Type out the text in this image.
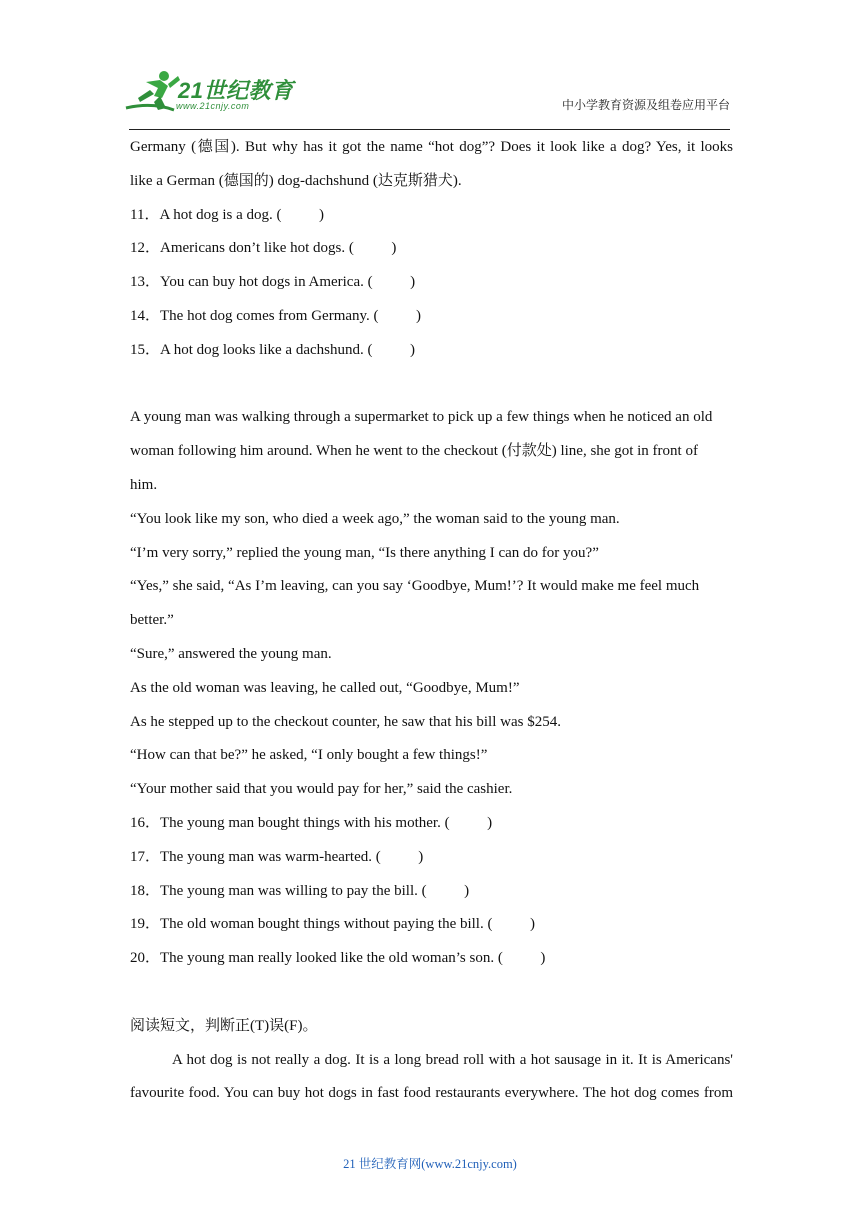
21世纪教育
www.21cnjy.com	中小学教育资源及组卷应用平台

Germany (德国). But why has it got the name “hot dog”? Does it look like a dog? Yes, it looks

like a German (德国的) dog-dachshund (达克斯猎犬).

11．A hot dog is a dog. (          )

12．Americans don’t like hot dogs. (          )

13．You can buy hot dogs in America. (          )

14．The hot dog comes from Germany. (          )

15．A hot dog looks like a dachshund. (          )

A young man was walking through a supermarket to pick up a few things when he noticed an old

woman following him around. When he went to the checkout (付款处) line, she got in front of

him.

“You look like my son, who died a week ago,” the woman said to the young man.

“I’m very sorry,” replied the young man, “Is there anything I can do for you?”

“Yes,” she said, “As I’m leaving, can you say ‘Goodbye, Mum!’? It would make me feel much

better.”

“Sure,” answered the young man.

As the old woman was leaving, he called out, “Goodbye, Mum!”

As he stepped up to the checkout counter, he saw that his bill was $254.

“How can that be?” he asked, “I only bought a few things!”

“Your mother said that you would pay for her,” said the cashier.

16．The young man bought things with his mother. (          )

17．The young man was warm-hearted. (          )

18．The young man was willing to pay the bill. (          )

19．The old woman bought things without paying the bill. (          )

20．The young man really looked like the old woman’s son. (          )

阅读短文，判断正(T)误(F)。

A hot dog is not really a dog. It is a long bread roll with a hot sausage in it. It is Americans'

favourite food. You can buy hot dogs in fast food restaurants everywhere. The hot dog comes from

21 世纪教育网(www.21cnjy.com)
